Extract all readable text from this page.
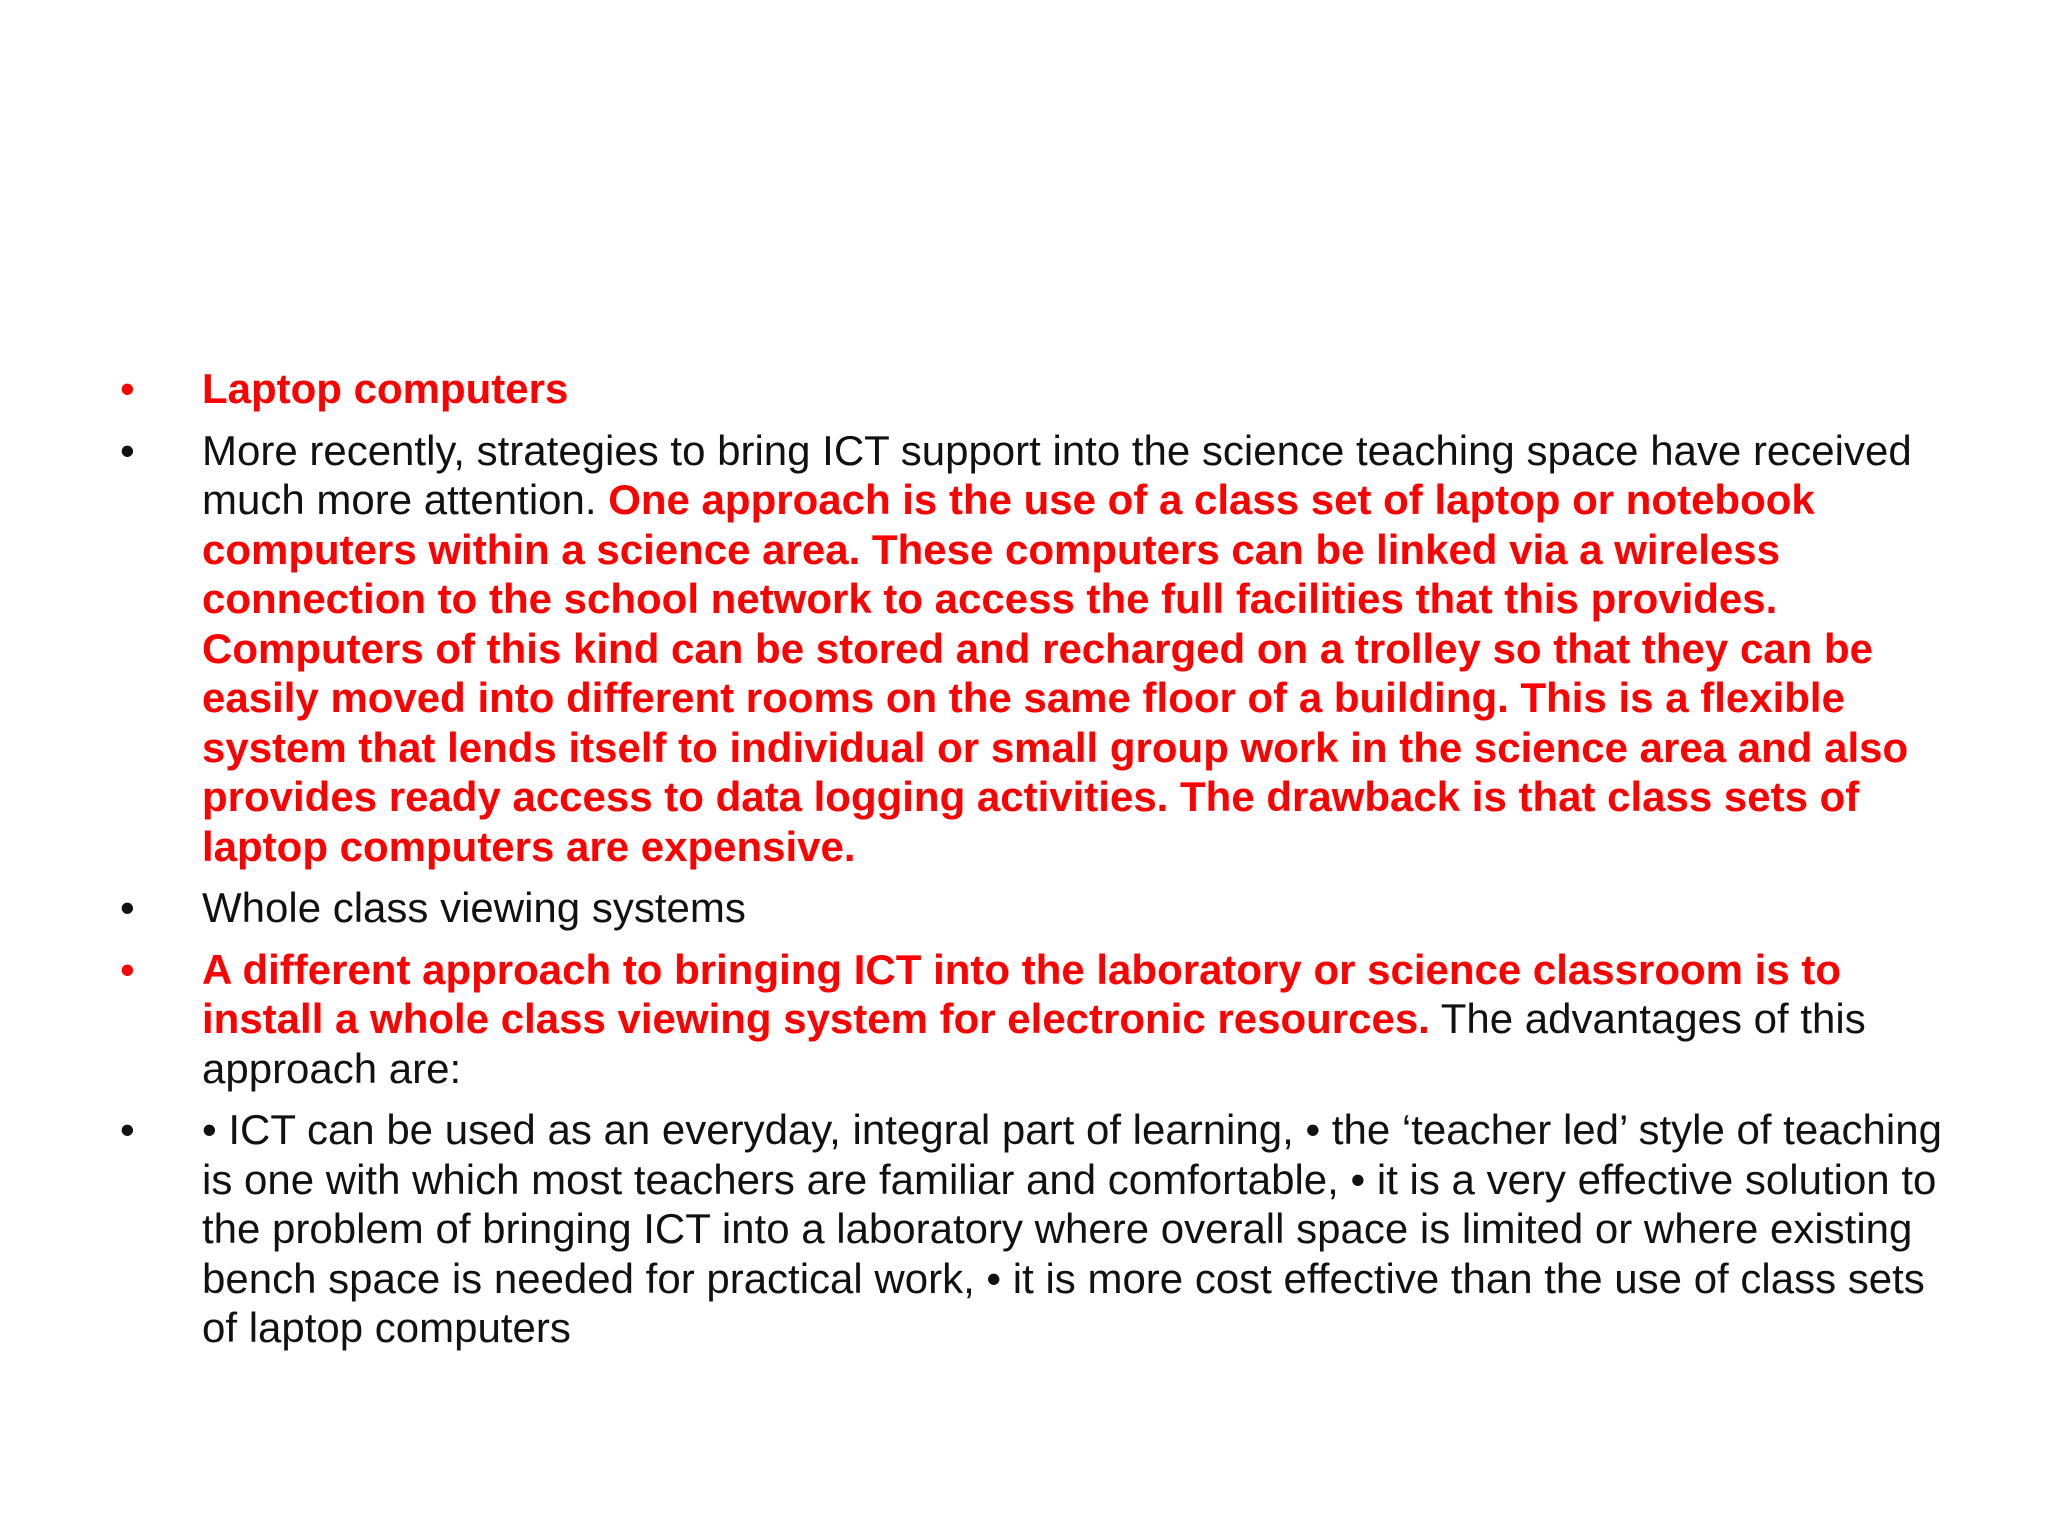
•	Laptop computers
•	More recently, strategies to bring ICT support into the science teaching space have received much more attention. One approach is the use of a class set of laptop or notebook computers within a science area. These computers can be linked via a wireless connection to the school network to access the full facilities that this provides. Computers of this kind can be stored and recharged on a trolley so that they can be easily moved into different rooms on the same floor of a building. This is a flexible system that lends itself to individual or small group work in the science area and also provides ready access to data logging activities. The drawback is that class sets of laptop computers are expensive.
•	Whole class viewing systems
•	A different approach to bringing ICT into the laboratory or science classroom is to install a whole class viewing system for electronic resources. The advantages of this approach are:
•	• ICT can be used as an everyday, integral part of learning, • the ‘teacher led’ style of teaching is one with which most teachers are familiar and comfortable, • it is a very effective solution to the problem of bringing ICT into a laboratory where overall space is limited or where existing bench space is needed for practical work, • it is more cost effective than the use of class sets of laptop computers
